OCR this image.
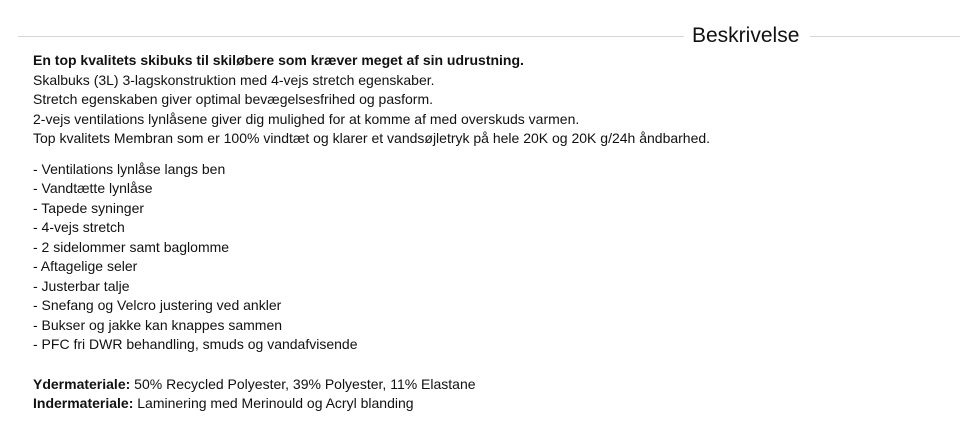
Beskrivelse

En top kvalitets skibuks til skiløbere som kræver meget af sin udrustning.

Skalbuks (3L) 3-lagskonstruktion med 4-vejs stretch egenskaber.

Stretch egenskaben giver optimal bevægelsesfrihed og pasform.

2-vejs ventilations lynlåsene giver dig mulighed for at komme af med overskuds varmen.

Top kvalitets Membran som er 100% vindtæt og klarer et vandsøjletryk på hele 20K og 20K g/24h åndbarhed.

- Ventilations lynlåse langs ben
- Vandtætte lynlåse
- Tapede syninger
- 4-vejs stretch
- 2 sidelommer samt baglomme
- Aftagelige seler
- Justerbar talje
- Snefang og Velcro justering ved ankler
- Bukser og jakke kan knappes sammen
- PFC fri DWR behandling, smuds og vandafvisende

Ydermateriale: 50% Recycled Polyester, 39% Polyester, 11% Elastane

Indermateriale: Laminering med Merinould og Acryl blanding
